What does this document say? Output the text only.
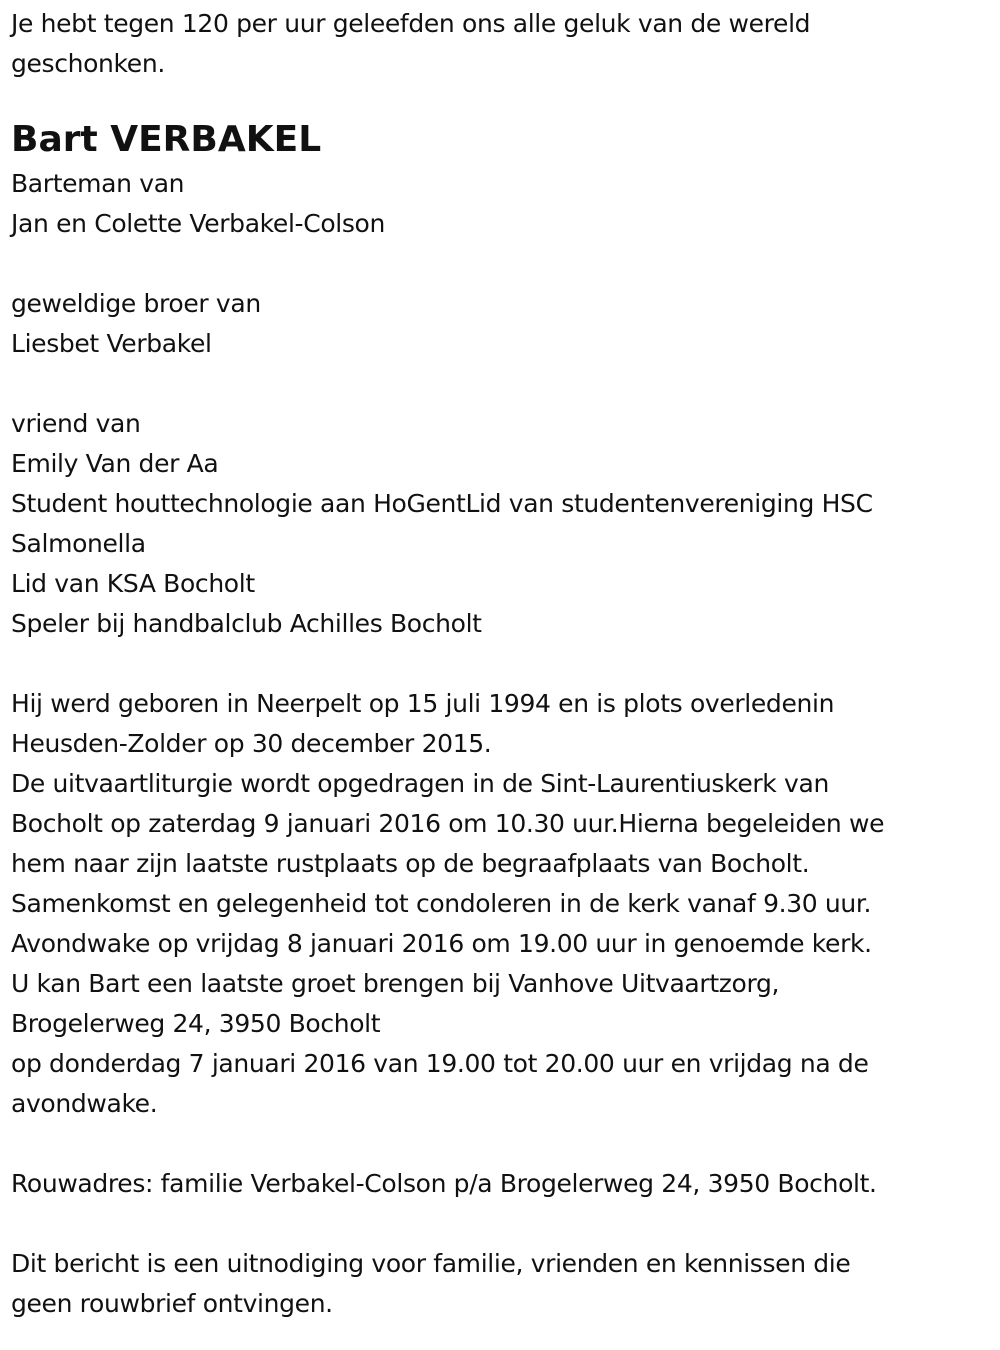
Je hebt tegen 120 per uur geleefden ons alle geluk van de wereld
geschonken.
Bart VERBAKEL
Barteman van
Jan en Colette Verbakel-Colson
geweldige broer van
Liesbet Verbakel
vriend van
Emily Van der Aa
Student houttechnologie aan HoGentLid van studentenvereniging HSC
Salmonella
Lid van KSA Bocholt
Speler bij handbalclub Achilles Bocholt
Hij werd geboren in Neerpelt op 15 juli 1994 en is plots overledenin
Heusden-Zolder op 30 december 2015.
De uitvaartliturgie wordt opgedragen in de Sint-Laurentiuskerk van
Bocholt op zaterdag 9 januari 2016 om 10.30 uur.Hierna begeleiden we
hem naar zijn laatste rustplaats op de begraafplaats van Bocholt.
Samenkomst en gelegenheid tot condoleren in de kerk vanaf 9.30 uur.
Avondwake op vrijdag 8 januari 2016 om 19.00 uur in genoemde kerk.
U kan Bart een laatste groet brengen bij Vanhove Uitvaartzorg,
Brogelerweg 24, 3950 Bocholt
op donderdag 7 januari 2016 van 19.00 tot 20.00 uur en vrijdag na de
avondwake.
Rouwadres: familie Verbakel-Colson p/a Brogelerweg 24, 3950 Bocholt.
Dit bericht is een uitnodiging voor familie, vrienden en kennissen die
geen rouwbrief ontvingen.
